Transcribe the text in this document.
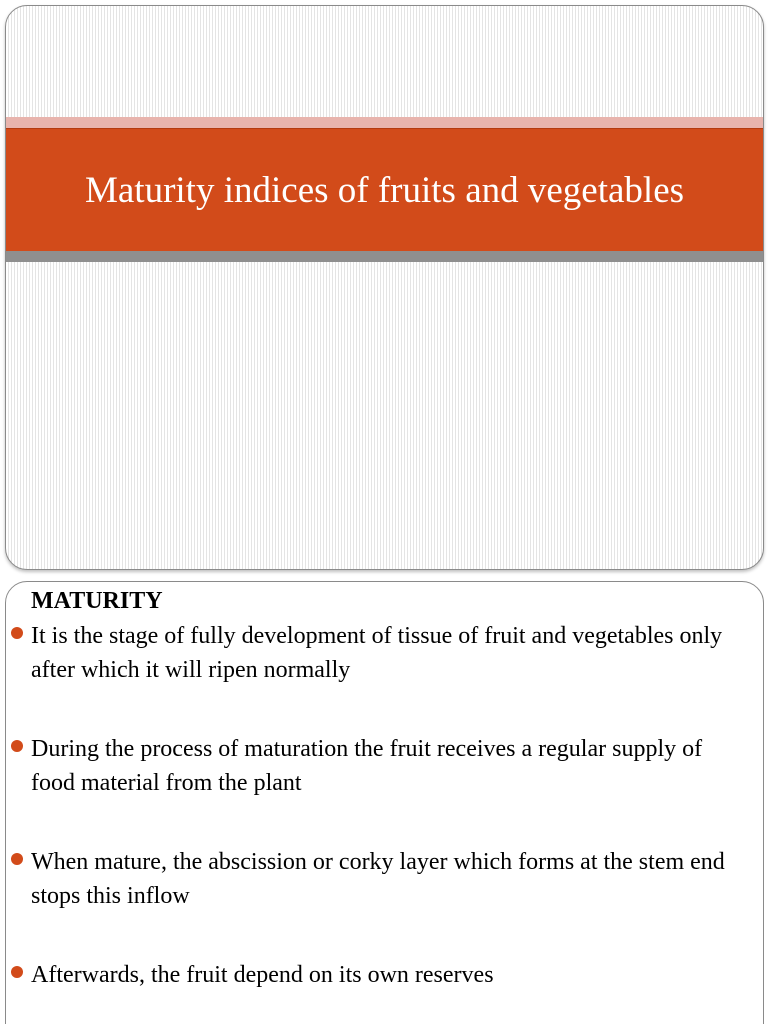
Maturity indices of fruits and vegetables
MATURITY

It is the stage of fully development of tissue of fruit and vegetables only after which it will ripen normally

During the process of maturation the fruit receives a regular supply of food material from the plant

When mature, the abscission or corky layer which forms at the stem end stops this inflow

Afterwards, the fruit depend on its own reserves
